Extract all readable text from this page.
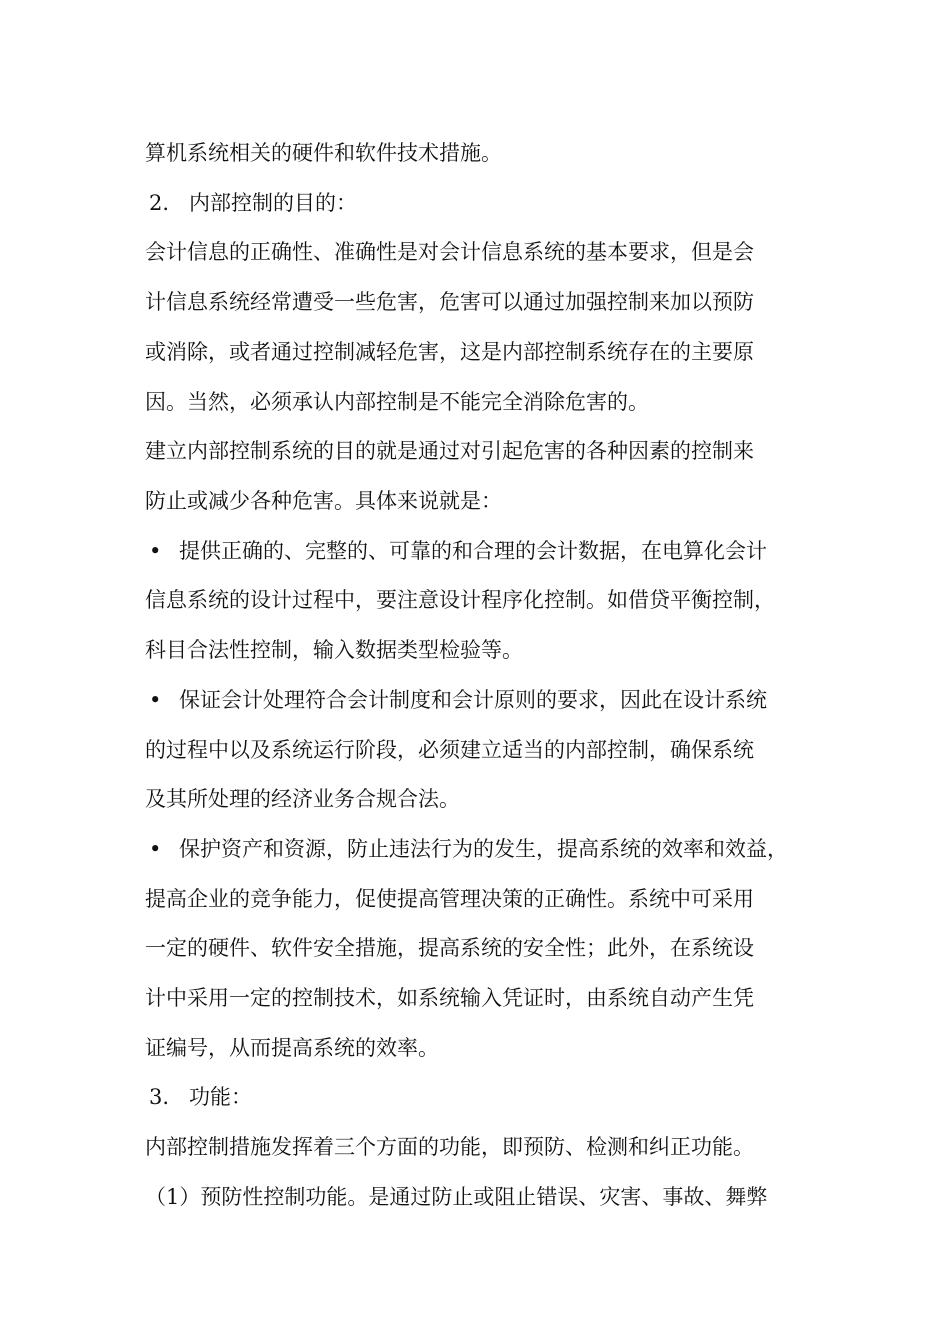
算机系统相关的硬件和软件技术措施。
2. 内部控制的目的：
会计信息的正确性、准确性是对会计信息系统的基本要求，但是会
计信息系统经常遭受一些危害，危害可以通过加强控制来加以预防
或消除，或者通过控制减轻危害，这是内部控制系统存在的主要原
因。当然，必须承认内部控制是不能完全消除危害的。
建立内部控制系统的目的就是通过对引起危害的各种因素的控制来
防止或减少各种危害。具体来说就是：
• 提供正确的、完整的、可靠的和合理的会计数据，在电算化会计
信息系统的设计过程中，要注意设计程序化控制。如借贷平衡控制，
科目合法性控制，输入数据类型检验等。
• 保证会计处理符合会计制度和会计原则的要求，因此在设计系统
的过程中以及系统运行阶段，必须建立适当的内部控制，确保系统
及其所处理的经济业务合规合法。
• 保护资产和资源，防止违法行为的发生，提高系统的效率和效益，
提高企业的竞争能力，促使提高管理决策的正确性。系统中可采用
一定的硬件、软件安全措施，提高系统的安全性；此外，在系统设
计中采用一定的控制技术，如系统输入凭证时，由系统自动产生凭
证编号，从而提高系统的效率。
3. 功能：
内部控制措施发挥着三个方面的功能，即预防、检测和纠正功能。
（1）预防性控制功能。是通过防止或阻止错误、灾害、事故、舞弊
